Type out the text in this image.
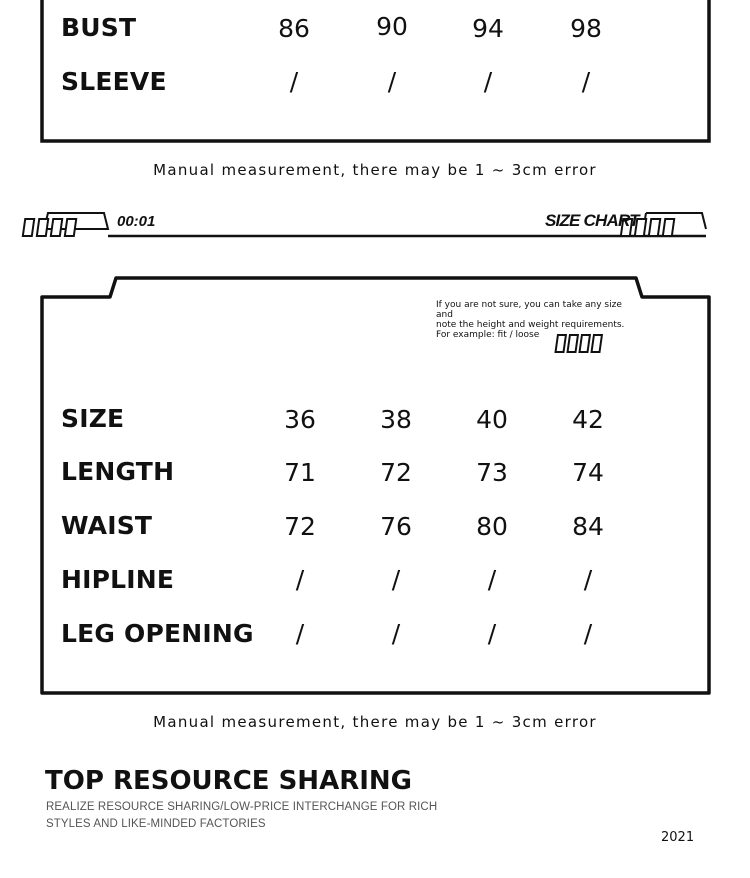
BUST	86	90	94	98
SLEEVE	/	/	/	/
Manual measurement, there may be 1 ~ 3cm error
00:01	SIZE CHART
If you are not sure, you can take any size and
note the height and weight requirements.
For example: fit / loose
SIZE	36	38	40	42
LENGTH	71	72	73	74
WAIST	72	76	80	84
HIPLINE	/	/	/	/
LEG OPENING	/	/	/	/
Manual measurement, there may be 1 ~ 3cm error
TOP RESOURCE SHARING
REALIZE RESOURCE SHARING/LOW-PRICE INTERCHANGE FOR RICH
STYLES AND LIKE-MINDED FACTORIES
2021
